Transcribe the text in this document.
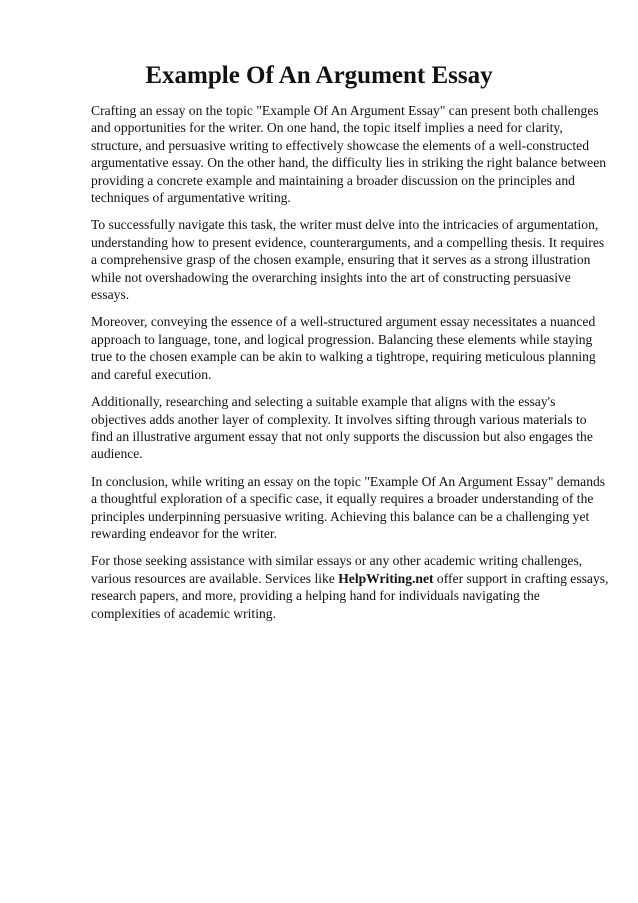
Example Of An Argument Essay

Crafting an essay on the topic "Example Of An Argument Essay" can present both challenges and opportunities for the writer. On one hand, the topic itself implies a need for clarity, structure, and persuasive writing to effectively showcase the elements of a well-constructed argumentative essay. On the other hand, the difficulty lies in striking the right balance between providing a concrete example and maintaining a broader discussion on the principles and techniques of argumentative writing.

To successfully navigate this task, the writer must delve into the intricacies of argumentation, understanding how to present evidence, counterarguments, and a compelling thesis. It requires a comprehensive grasp of the chosen example, ensuring that it serves as a strong illustration while not overshadowing the overarching insights into the art of constructing persuasive essays.

Moreover, conveying the essence of a well-structured argument essay necessitates a nuanced approach to language, tone, and logical progression. Balancing these elements while staying true to the chosen example can be akin to walking a tightrope, requiring meticulous planning and careful execution.

Additionally, researching and selecting a suitable example that aligns with the essay's objectives adds another layer of complexity. It involves sifting through various materials to find an illustrative argument essay that not only supports the discussion but also engages the audience.

In conclusion, while writing an essay on the topic "Example Of An Argument Essay" demands a thoughtful exploration of a specific case, it equally requires a broader understanding of the principles underpinning persuasive writing. Achieving this balance can be a challenging yet rewarding endeavor for the writer.

For those seeking assistance with similar essays or any other academic writing challenges, various resources are available. Services like HelpWriting.net offer support in crafting essays, research papers, and more, providing a helping hand for individuals navigating the complexities of academic writing.
